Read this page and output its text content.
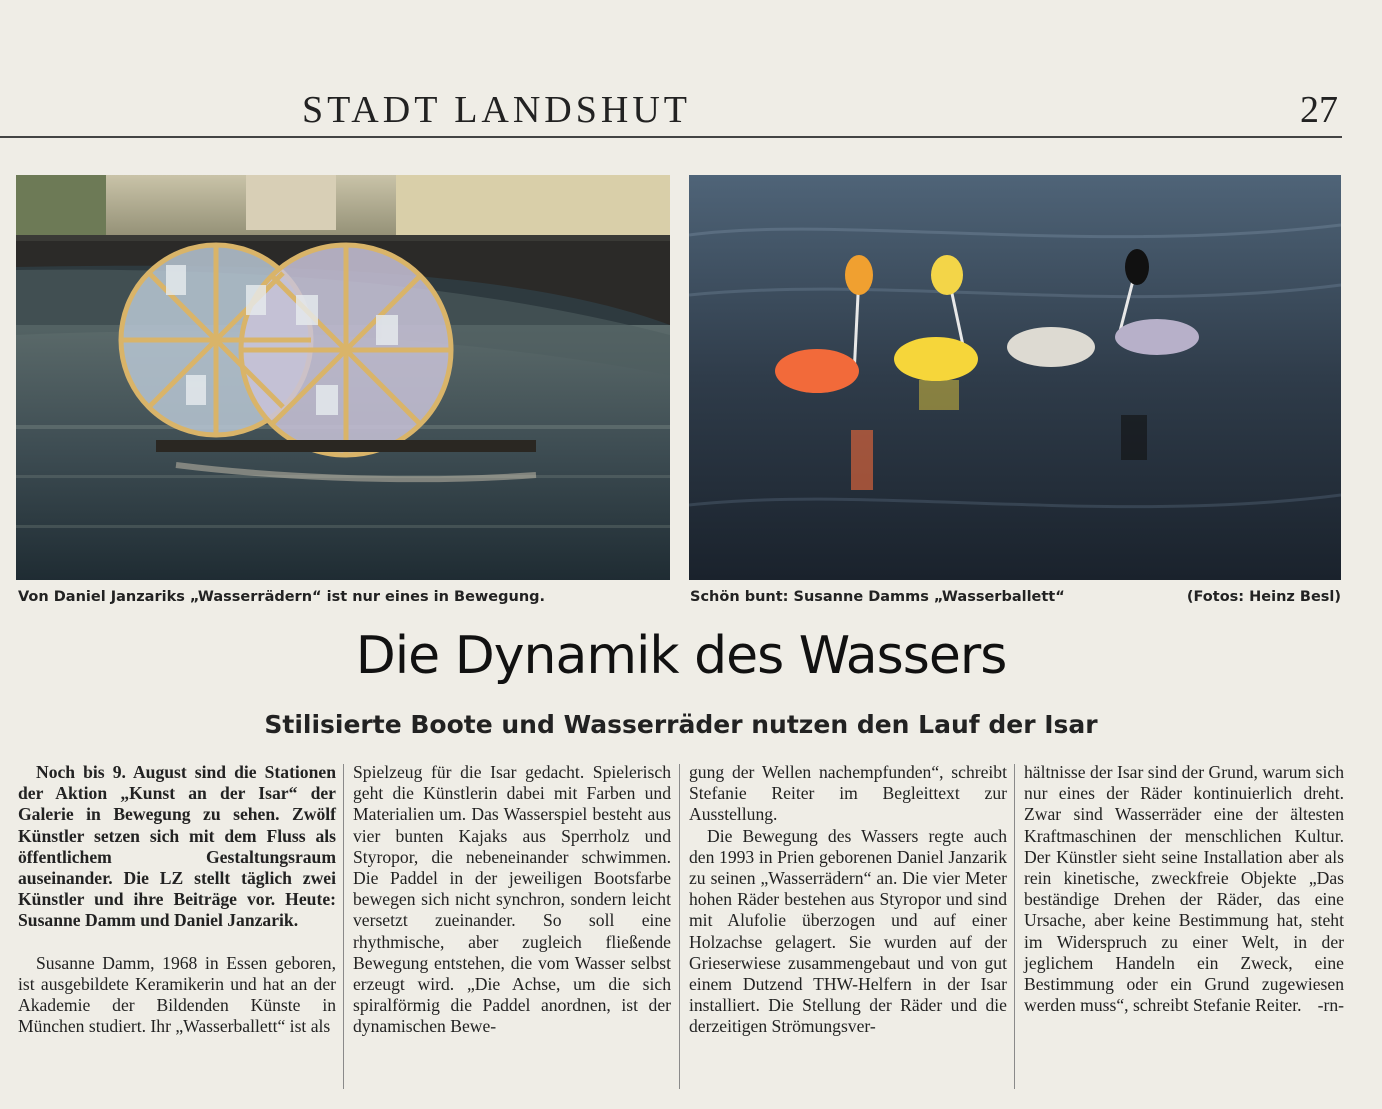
STADT LANDSHUT	27
Von Daniel Janzariks „Wasserrädern“ ist nur eines in Bewegung.	Schön bunt: Susanne Damms „Wasserballett“	(Fotos: Heinz Besl)
Die Dynamik des Wassers
Stilisierte Boote und Wasserräder nutzen den Lauf der Isar

Noch bis 9. August sind die Stationen der Aktion „Kunst an der Isar“ der Galerie in Bewegung zu sehen. Zwölf Künstler setzen sich mit dem Fluss als öffentlichem Gestaltungsraum auseinander. Die LZ stellt täglich zwei Künstler und ihre Beiträge vor. Heute: Susanne Damm und Daniel Janzarik.

Susanne Damm, 1968 in Essen geboren, ist ausgebildete Keramikerin und hat an der Akademie der Bildenden Künste in München studiert. Ihr „Wasserballett“ ist als

Spielzeug für die Isar gedacht. Spielerisch geht die Künstlerin dabei mit Farben und Materialien um. Das Wasserspiel besteht aus vier bunten Kajaks aus Sperrholz und Styropor, die nebeneinander schwimmen. Die Paddel in der jeweiligen Bootsfarbe bewegen sich nicht synchron, sondern leicht versetzt zueinander. So soll eine rhythmische, aber zugleich fließende Bewegung entstehen, die vom Wasser selbst erzeugt wird. „Die Achse, um die sich spiralförmig die Paddel anordnen, ist der dynamischen Bewe-

gung der Wellen nachempfunden“, schreibt Stefanie Reiter im Begleittext zur Ausstellung.

Die Bewegung des Wassers regte auch den 1993 in Prien geborenen Daniel Janzarik zu seinen „Wasserrädern“ an. Die vier Meter hohen Räder bestehen aus Styropor und sind mit Alufolie überzogen und auf einer Holzachse gelagert. Sie wurden auf der Grieserwiese zusammengebaut und von gut einem Dutzend THW-Helfern in der Isar installiert. Die Stellung der Räder und die derzeitigen Strömungsver-

hältnisse der Isar sind der Grund, warum sich nur eines der Räder kontinuierlich dreht. Zwar sind Wasserräder eine der ältesten Kraftmaschinen der menschlichen Kultur. Der Künstler sieht seine Installation aber als rein kinetische, zweckfreie Objekte „Das beständige Drehen der Räder, das eine Ursache, aber keine Bestimmung hat, steht im Widerspruch zu einer Welt, in der jeglichem Handeln ein Zweck, eine Bestimmung oder ein Grund zugewiesen werden muss“, schreibt Stefanie Reiter. -rn-
